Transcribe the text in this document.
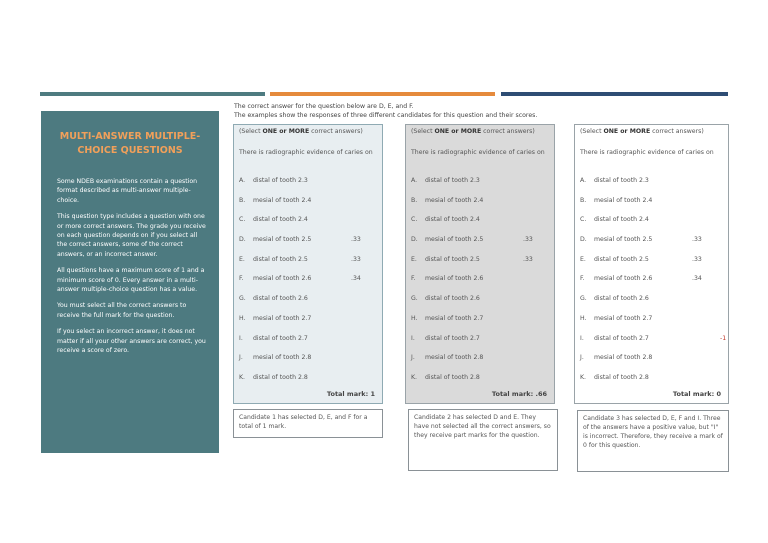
MULTI-ANSWER MULTIPLE-
CHOICE QUESTIONS

Some NDEB examinations contain a question format described as multi-answer multiple-choice.

This question type includes a question with one or more correct answers. The grade you receive on each question depends on if you select all the correct answers, some of the correct answers, or an incorrect answer.

All questions have a maximum score of 1 and a minimum score of 0. Every answer in a multi-answer multiple-choice question has a value.

You must select all the correct answers to receive the full mark for the question.

If you select an incorrect answer, it does not matter if all your other answers are correct, you receive a score of zero.

The correct answer for the question below are D, E, and F.
The examples show the responses of three different candidates for this question and their scores.
(Select ONE or MORE correct answers)
There is radiographic evidence of caries on
A. distal of tooth 2.3
B. mesial of tooth 2.4
C. distal of tooth 2.4
D. mesial of tooth 2.5	.33
E. distal of tooth 2.5	.33
F. mesial of tooth 2.6	.34
G. distal of tooth 2.6
H. mesial of tooth 2.7
I. distal of tooth 2.7
J. mesial of tooth 2.8
K. distal of tooth 2.8
Total mark: 1
(Select ONE or MORE correct answers)
There is radiographic evidence of caries on
A. distal of tooth 2.3
B. mesial of tooth 2.4
C. distal of tooth 2.4
D. mesial of tooth 2.5	.33
E. distal of tooth 2.5	.33
F. mesial of tooth 2.6
G. distal of tooth 2.6
H. mesial of tooth 2.7
I. distal of tooth 2.7
J. mesial of tooth 2.8
K. distal of tooth 2.8
Total mark: .66
(Select ONE or MORE correct answers)
There is radiographic evidence of caries on
A. distal of tooth 2.3
B. mesial of tooth 2.4
C. distal of tooth 2.4
D. mesial of tooth 2.5	.33
E. distal of tooth 2.5	.33
F. mesial of tooth 2.6	.34
G. distal of tooth 2.6
H. mesial of tooth 2.7
I. distal of tooth 2.7	-1
J. mesial of tooth 2.8
K. distal of tooth 2.8
Total mark: 0
Candidate 1 has selected D, E, and F for a total of 1 mark.
Candidate 2 has selected D and E. They have not selected all the correct answers, so they receive part marks for the question.
Candidate 3 has selected D, E, F and I. Three of the answers have a positive value, but "I" is incorrect. Therefore, they receive a mark of 0 for this question.
